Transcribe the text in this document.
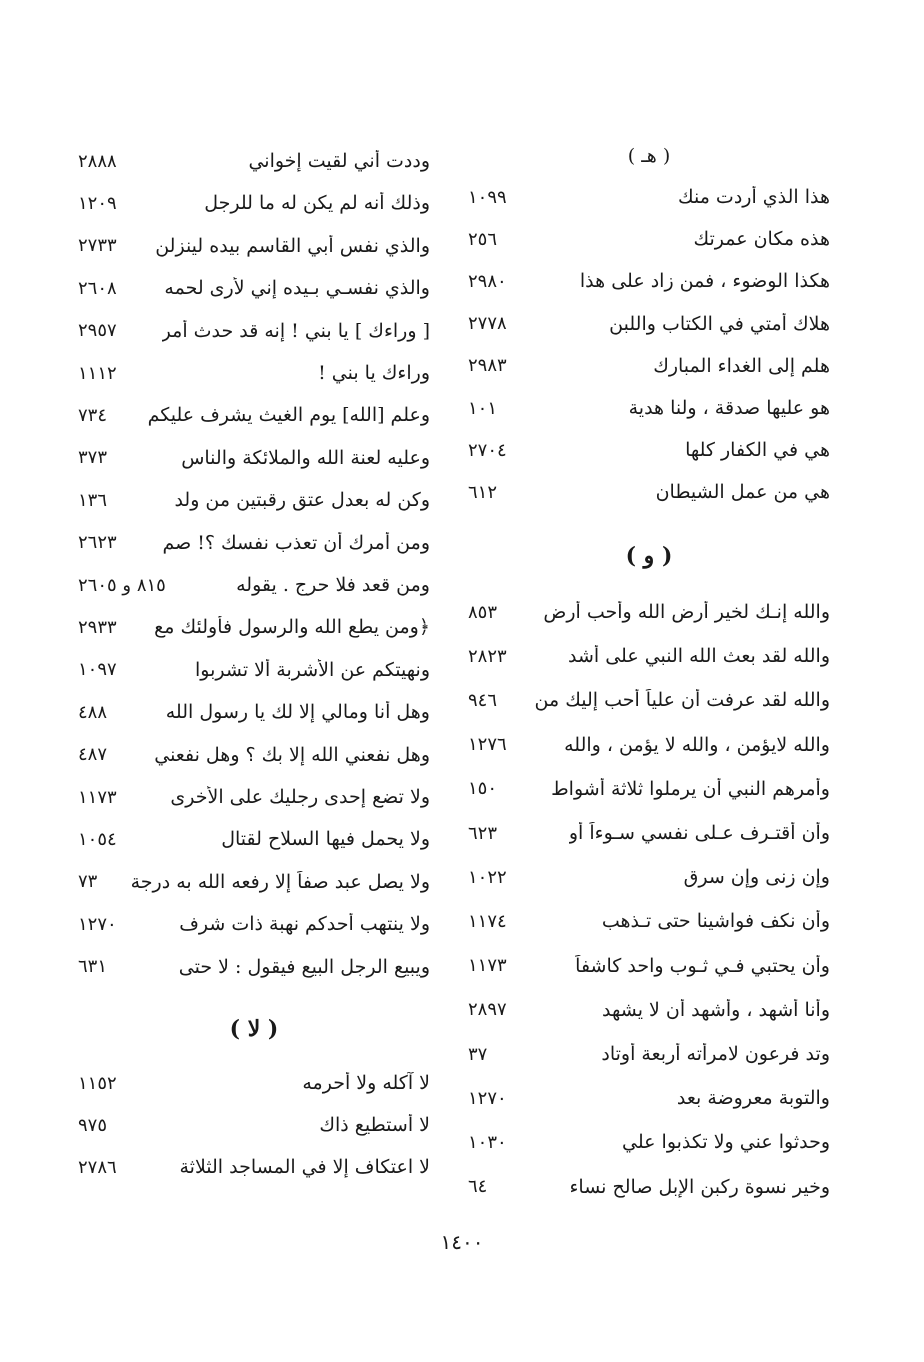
( هـ )
هذا الذي أردت منك
١٠٩٩
هذه مكان عمرتك
٢٥٦
هكذا الوضوء ، فمن زاد على هذا
٢٩٨٠
هلاك أمتي في الكتاب واللبن
٢٧٧٨
هلم إلى الغداء المبارك
٢٩٨٣
هو عليها صدقة ، ولنا هدية
١٠١
هي في الكفار كلها
٢٧٠٤
هي من عمل الشيطان
٦١٢
( و )
والله إنـك لخير أرض الله وأحب أرض
٨٥٣
والله لقد بعث الله النبي على أشد
٢٨٢٣
والله لقد عرفت أن علياً أحب إليك من
٩٤٦
والله لايؤمن ، والله لا يؤمن ، والله
١٢٧٦
وأمرهم النبي أن يرملوا ثلاثة أشواط
١٥٠
وأن أقتـرف عـلى نفسي سـوءاً أو
٦٢٣
وإن زنى وإن سرق
١٠٢٢
وأن نكف فواشينا حتى تـذهب
١١٧٤
وأن يحتبي فـي ثـوب واحد كاشفاً
١١٧٣
وأنا أشهد ، وأشهد أن لا يشهد
٢٨٩٧
وتد فرعون لامرأته أربعة أوتاد
٣٧
والتوبة معروضة بعد
١٢٧٠
وحدثوا عني ولا تكذبوا علي
١٠٣٠
وخير نسوة ركبن الإبل صالح نساء
٦٤
وددت أني لقيت إخواني
٢٨٨٨
وذلك أنه لم يكن له ما للرجل
١٢٠٩
والذي نفس أبي القاسم بيده لينزلن
٢٧٣٣
والذي نفسـي بـيده إني لأرى لحمه
٢٦٠٨
[ وراءك ] يا بني ! إنه قد حدث أمر
٢٩٥٧
وراءك يا بني !
١١١٢
وعلم [الله] يوم الغيث يشرف عليكم
٧٣٤
وعليه لعنة الله والملائكة والناس
٣٧٣
وكن له بعدل عتق رقبتين من ولد
١٣٦
ومن أمرك أن تعذب نفسك ؟! صم
٢٦٢٣
ومن قعد فلا حرج . يقوله
٨١٥ و ٢٦٠٥
﴿ومن يطع الله والرسول فأولئك مع
٢٩٣٣
ونهيتكم عن الأشربة ألا تشربوا
١٠٩٧
وهل أنا ومالي إلا لك يا رسول الله
٤٨٨
وهل نفعني الله إلا بك ؟ وهل نفعني
٤٨٧
ولا تضع إحدى رجليك على الأخرى
١١٧٣
ولا يحمل فيها السلاح لقتال
١٠٥٤
ولا يصل عبد صفاً إلا رفعه الله به درجة
٧٣
ولا ينتهب أحدكم نهبة ذات شرف
١٢٧٠
ويبيع الرجل البيع فيقول : لا حتى
٦٣١
( لا )
لا آكله ولا أحرمه
١١٥٢
لا أستطيع ذاك
٩٧٥
لا اعتكاف إلا في المساجد الثلاثة
٢٧٨٦
١٤٠٠
